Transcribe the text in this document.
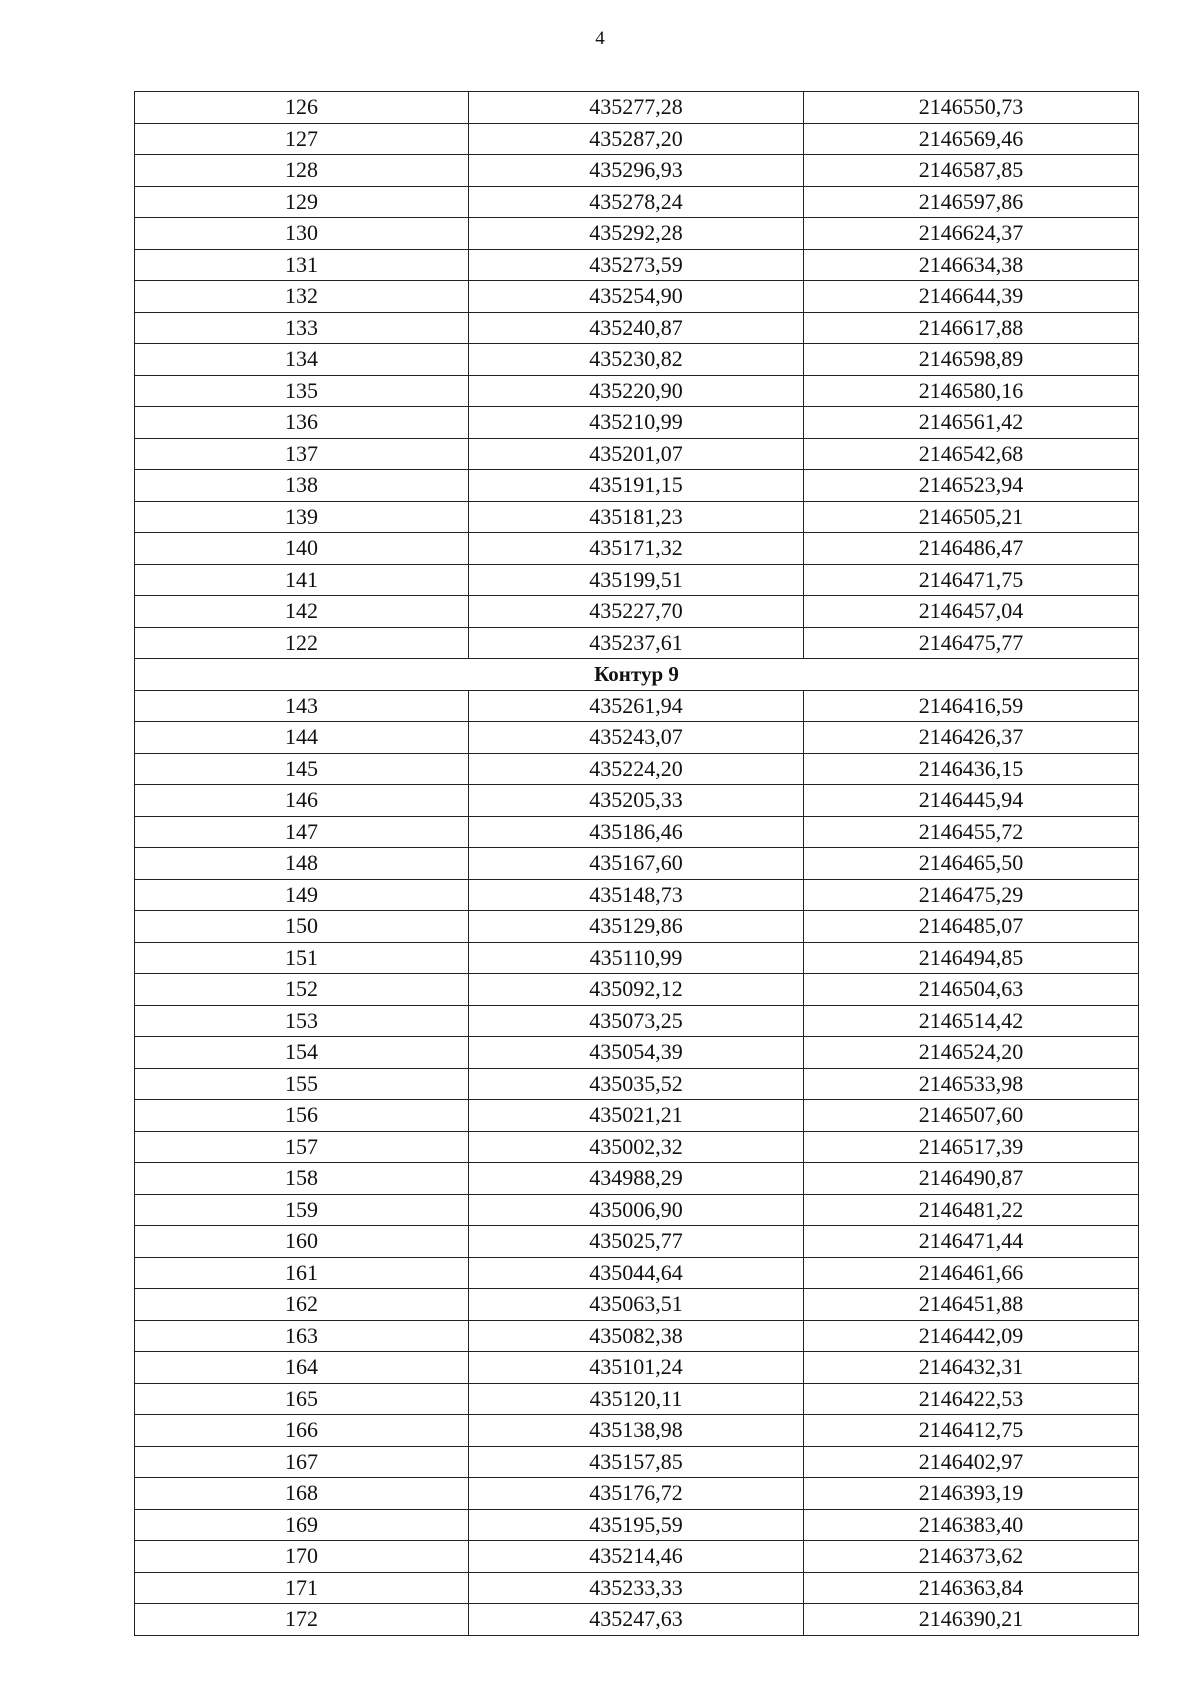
4
126	435277,28	2146550,73
127	435287,20	2146569,46
128	435296,93	2146587,85
129	435278,24	2146597,86
130	435292,28	2146624,37
131	435273,59	2146634,38
132	435254,90	2146644,39
133	435240,87	2146617,88
134	435230,82	2146598,89
135	435220,90	2146580,16
136	435210,99	2146561,42
137	435201,07	2146542,68
138	435191,15	2146523,94
139	435181,23	2146505,21
140	435171,32	2146486,47
141	435199,51	2146471,75
142	435227,70	2146457,04
122	435237,61	2146475,77
Контур 9		
143	435261,94	2146416,59
144	435243,07	2146426,37
145	435224,20	2146436,15
146	435205,33	2146445,94
147	435186,46	2146455,72
148	435167,60	2146465,50
149	435148,73	2146475,29
150	435129,86	2146485,07
151	435110,99	2146494,85
152	435092,12	2146504,63
153	435073,25	2146514,42
154	435054,39	2146524,20
155	435035,52	2146533,98
156	435021,21	2146507,60
157	435002,32	2146517,39
158	434988,29	2146490,87
159	435006,90	2146481,22
160	435025,77	2146471,44
161	435044,64	2146461,66
162	435063,51	2146451,88
163	435082,38	2146442,09
164	435101,24	2146432,31
165	435120,11	2146422,53
166	435138,98	2146412,75
167	435157,85	2146402,97
168	435176,72	2146393,19
169	435195,59	2146383,40
170	435214,46	2146373,62
171	435233,33	2146363,84
172	435247,63	2146390,21
